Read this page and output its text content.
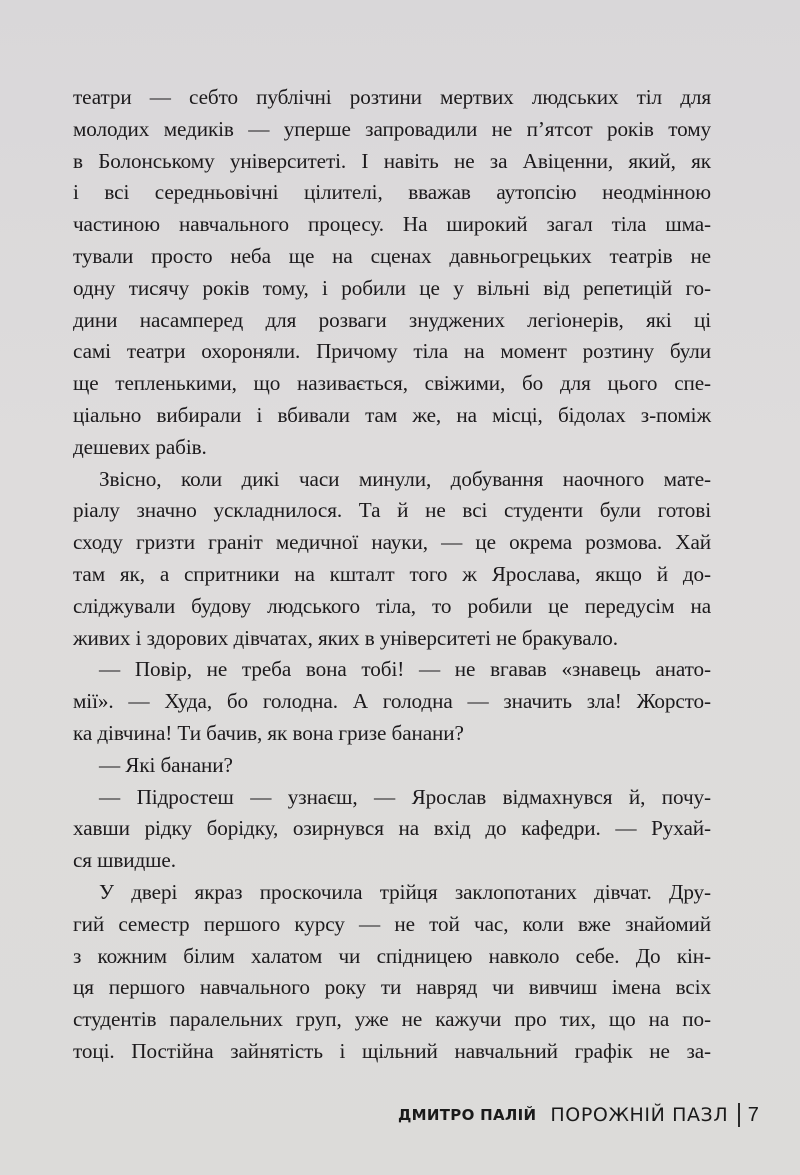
театри — себто публічні розтини мертвих людських тіл для
молодих медиків — уперше запровадили не п’ятсот років тому
в Болонському університеті. І навіть не за Авіценни, який, як
і всі середньовічні цілителі, вважав аутопсію неодмінною
частиною навчального процесу. На широкий загал тіла шма-
тували просто неба ще на сценах давньогрецьких театрів не
одну тисячу років тому, і робили це у вільні від репетицій го-
дини насамперед для розваги знуджених легіонерів, які ці
самі театри охороняли. Причому тіла на момент розтину були
ще тепленькими, що називається, свіжими, бо для цього спе-
ціально вибирали і вбивали там же, на місці, бідолах з-поміж
дешевих рабів.
Звісно, коли дикі часи минули, добування наочного мате-
ріалу значно ускладнилося. Та й не всі студенти були готові
сходу гризти граніт медичної науки, — це окрема розмова. Хай
там як, а спритники на кшталт того ж Ярослава, якщо й до-
сліджували будову людського тіла, то робили це передусім на
живих і здорових дівчатах, яких в університеті не бракувало.
— Повір, не треба вона тобі! — не вгавав «знавець анато-
мії». — Худа, бо голодна. А голодна — значить зла! Жорсто-
ка дівчина! Ти бачив, як вона гризе банани?
— Які банани?
— Підростеш — узнаєш, — Ярослав відмахнувся й, почу-
хавши рідку борідку, озирнувся на вхід до кафедри. — Рухай-
ся швидше.
У двері якраз проскочила трійця заклопотаних дівчат. Дру-
гий семестр першого курсу — не той час, коли вже знайомий
з кожним білим халатом чи спідницею навколо себе. До кін-
ця першого навчального року ти навряд чи вивчиш імена всіх
студентів паралельних груп, уже не кажучи про тих, що на по-
тоці. Постійна зайнятість і щільний навчальний графік не за-
ДМИТРО ПАЛІЙ ПОРОЖНІЙ ПАЗЛ 7
